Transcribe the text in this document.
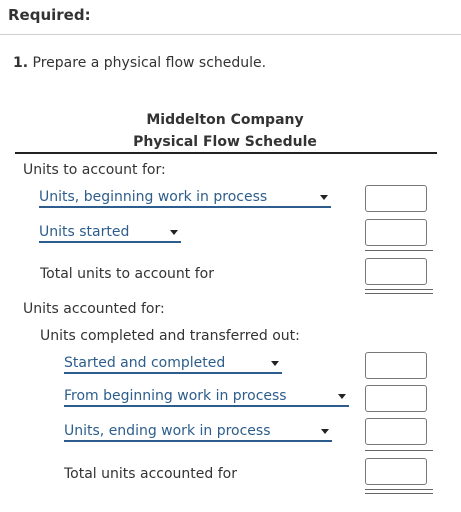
Required:
1. Prepare a physical flow schedule.
Middelton Company
Physical Flow Schedule
Units to account for:
Units, beginning work in process
Units started
Total units to account for
Units accounted for:
Units completed and transferred out:
Started and completed
From beginning work in process
Units, ending work in process
Total units accounted for
